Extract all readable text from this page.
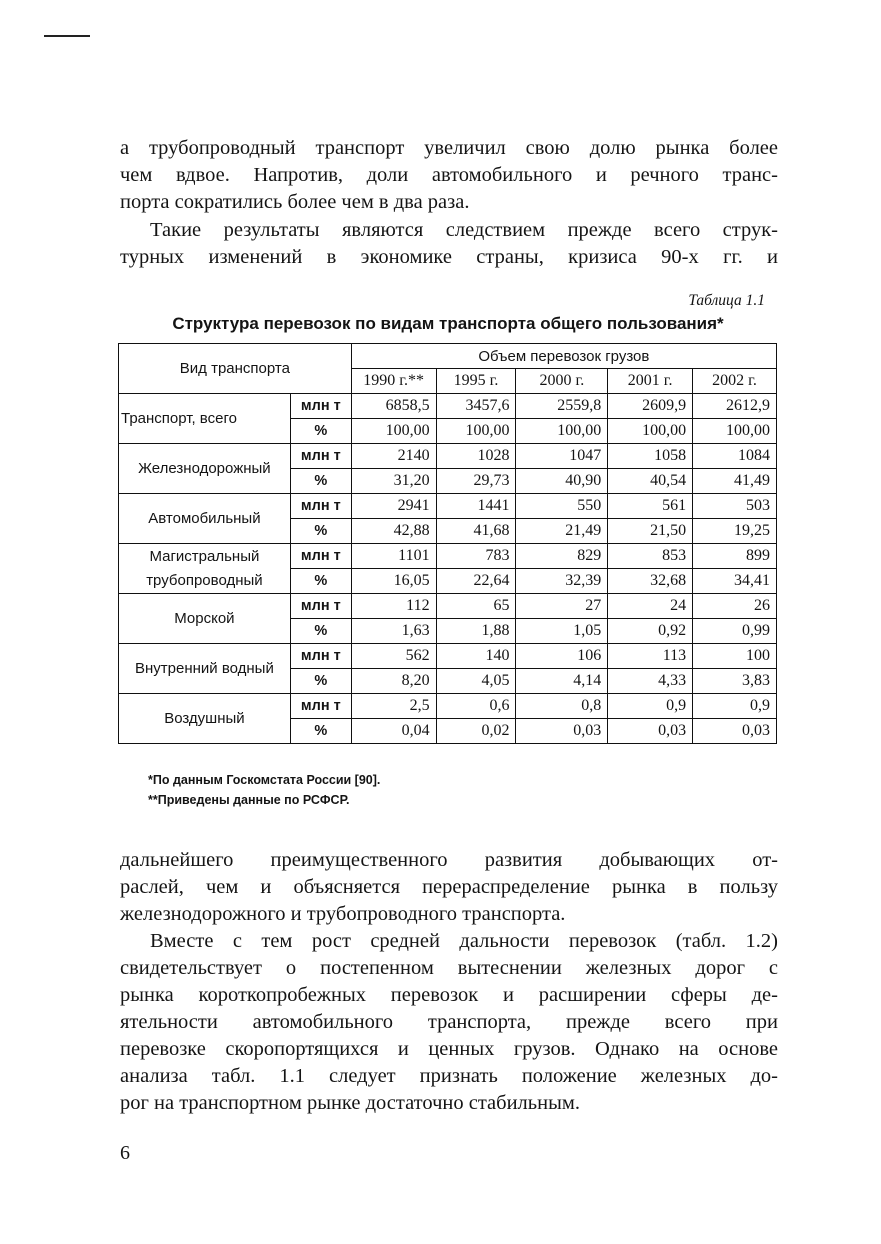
а трубопроводный транспорт увеличил свою долю рынка более
чем вдвое. Напротив, доли автомобильного и речного транс-
порта сократились более чем в два раза.
Такие результаты являются следствием прежде всего струк-
турных изменений в экономике страны, кризиса 90-х гг. и
Таблица 1.1
Структура перевозок по видам транспорта общего пользования*
Вид транспорта		Объем перевозок грузов				
		1990 г.**	1995 г.	2000 г.	2001 г.	2002 г.
Транспорт, всего	млн т	6858,5	3457,6	2559,8	2609,9	2612,9
	%	100,00	100,00	100,00	100,00	100,00
Железнодорожный	млн т	2140	1028	1047	1058	1084
	%	31,20	29,73	40,90	40,54	41,49
Автомобильный	млн т	2941	1441	550	561	503
	%	42,88	41,68	21,49	21,50	19,25
Магистральный трубопроводный	млн т	1101	783	829	853	899
	%	16,05	22,64	32,39	32,68	34,41
Морской	млн т	112	65	27	24	26
	%	1,63	1,88	1,05	0,92	0,99
Внутренний водный	млн т	562	140	106	113	100
	%	8,20	4,05	4,14	4,33	3,83
Воздушный	млн т	2,5	0,6	0,8	0,9	0,9
	%	0,04	0,02	0,03	0,03	0,03
*По данным Госкомстата России [90].
**Приведены данные по РСФСР.
дальнейшего преимущественного развития добывающих от-
раслей, чем и объясняется перераспределение рынка в пользу
железнодорожного и трубопроводного транспорта.
Вместе с тем рост средней дальности перевозок (табл. 1.2)
свидетельствует о постепенном вытеснении железных дорог с
рынка короткопробежных перевозок и расширении сферы де-
ятельности автомобильного транспорта, прежде всего при
перевозке скоропортящихся и ценных грузов. Однако на основе
анализа табл. 1.1 следует признать положение железных до-
рог на транспортном рынке достаточно стабильным.
6
